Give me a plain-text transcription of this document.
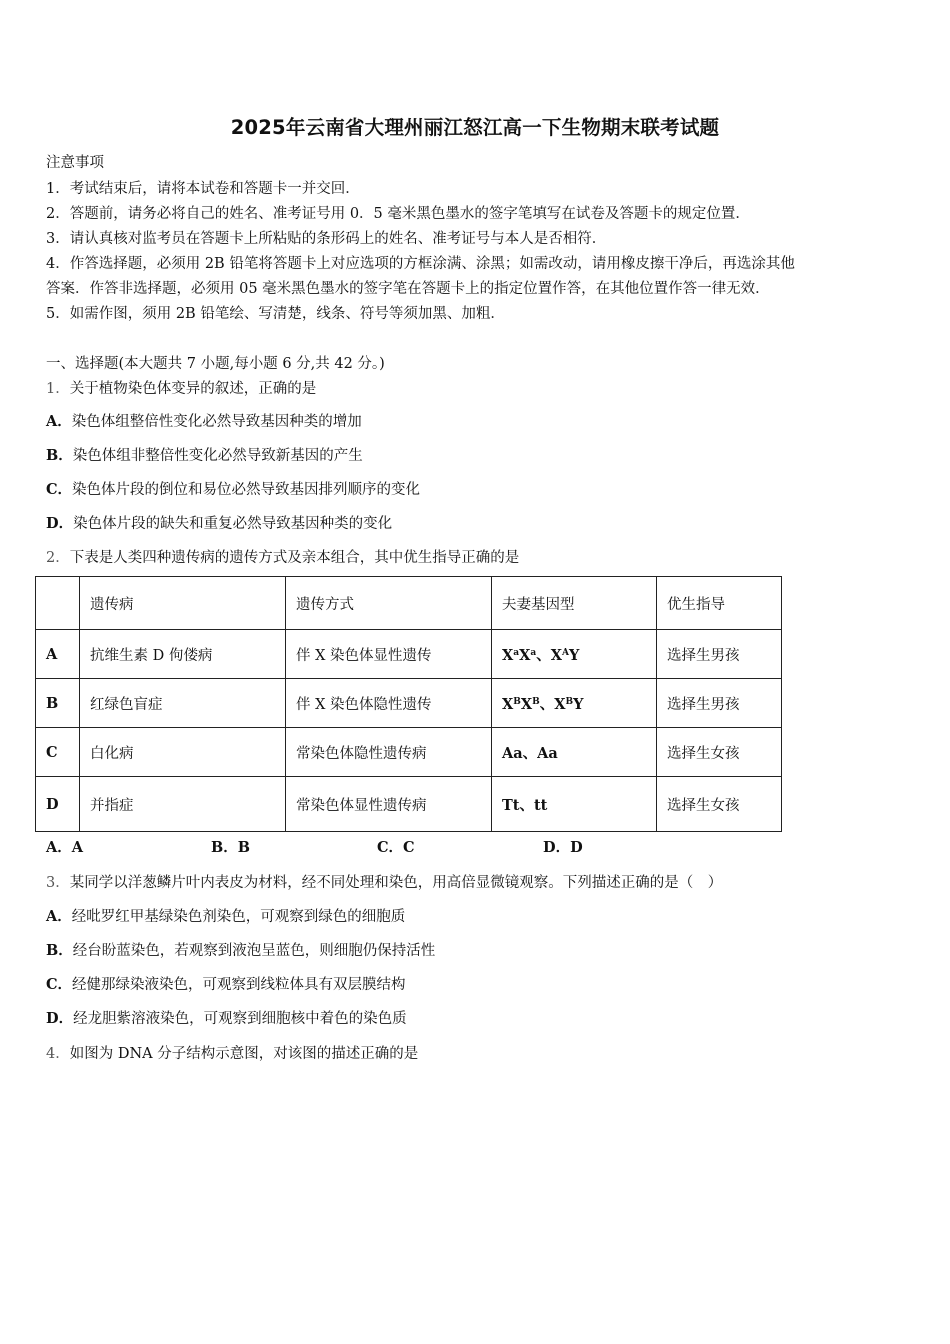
2025年云南省大理州丽江怒江高一下生物期末联考试题
注意事项
1．考试结束后，请将本试卷和答题卡一并交回．
2．答题前，请务必将自己的姓名、准考证号用 0．5 毫米黑色墨水的签字笔填写在试卷及答题卡的规定位置．
3．请认真核对监考员在答题卡上所粘贴的条形码上的姓名、准考证号与本人是否相符．
4．作答选择题，必须用 2B 铅笔将答题卡上对应选项的方框涂满、涂黑；如需改动，请用橡皮擦干净后，再选涂其他
答案．作答非选择题，必须用 05 毫米黑色墨水的签字笔在答题卡上的指定位置作答，在其他位置作答一律无效．
5．如需作图，须用 2B 铅笔绘、写清楚，线条、符号等须加黑、加粗．
一、选择题(本大题共 7 小题,每小题 6 分,共 42 分。)
1．关于植物染色体变异的叙述，正确的是
A．染色体组整倍性变化必然导致基因种类的增加
B．染色体组非整倍性变化必然导致新基因的产生
C．染色体片段的倒位和易位必然导致基因排列顺序的变化
D．染色体片段的缺失和重复必然导致基因种类的变化
2．下表是人类四种遗传病的遗传方式及亲本组合，其中优生指导正确的是
	遗传病	遗传方式	夫妻基因型	优生指导
A	抗维生素 D 佝偻病	伴 X 染色体显性遗传	$X^aX^a$、$X^AY$	选择生男孩
B	红绿色盲症	伴 X 染色体隐性遗传	$X^BX^B$、$X^BY$	选择生男孩
C	白化病	常染色体隐性遗传病	Aa、Aa	选择生女孩
D	并指症	常染色体显性遗传病	Tt、tt	选择生女孩
A．A	B．B	C．C	D．D
3．某同学以洋葱鳞片叶内表皮为材料，经不同处理和染色，用高倍显微镜观察。下列描述正确的是（　）
A．经吡罗红甲基绿染色剂染色，可观察到绿色的细胞质
B．经台盼蓝染色，若观察到液泡呈蓝色，则细胞仍保持活性
C．经健那绿染液染色，可观察到线粒体具有双层膜结构
D．经龙胆紫溶液染色，可观察到细胞核中着色的染色质
4．如图为 DNA 分子结构示意图，对该图的描述正确的是
